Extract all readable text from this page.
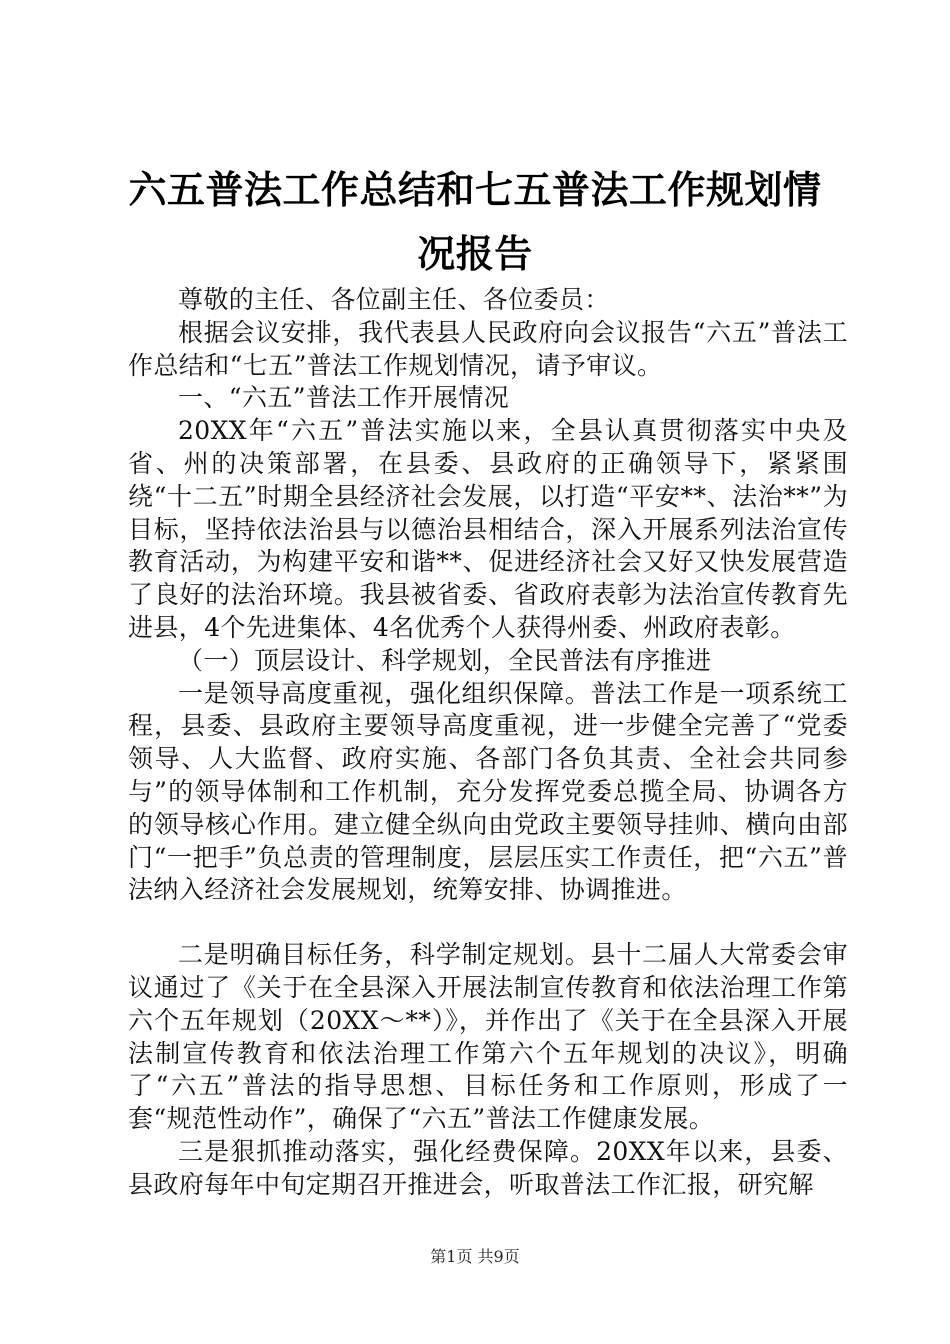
六五普法工作总结和七五普法工作规划情况报告

尊敬的主任、各位副主任、各位委员：

根据会议安排，我代表县人民政府向会议报告“六五”普法工作总结和“七五”普法工作规划情况，请予审议。

一、“六五”普法工作开展情况

20XX年“六五”普法实施以来，全县认真贯彻落实中央及省、州的决策部署，在县委、县政府的正确领导下，紧紧围绕“十二五”时期全县经济社会发展，以打造“平安**、法治**”为目标，坚持依法治县与以德治县相结合，深入开展系列法治宣传教育活动，为构建平安和谐**、促进经济社会又好又快发展营造了良好的法治环境。我县被省委、省政府表彰为法治宣传教育先进县，4个先进集体、4名优秀个人获得州委、州政府表彰。

（一）顶层设计、科学规划，全民普法有序推进

一是领导高度重视，强化组织保障。普法工作是一项系统工程，县委、县政府主要领导高度重视，进一步健全完善了“党委领导、人大监督、政府实施、各部门各负其责、全社会共同参与”的领导体制和工作机制，充分发挥党委总揽全局、协调各方的领导核心作用。建立健全纵向由党政主要领导挂帅、横向由部门“一把手”负总责的管理制度，层层压实工作责任，把“六五”普法纳入经济社会发展规划，统筹安排、协调推进。

二是明确目标任务，科学制定规划。县十二届人大常委会审议通过了《关于在全县深入开展法制宣传教育和依法治理工作第六个五年规划（20XX～**）》，并作出了《关于在全县深入开展法制宣传教育和依法治理工作第六个五年规划的决议》，明确了“六五”普法的指导思想、目标任务和工作原则，形成了一套“规范性动作”，确保了“六五”普法工作健康发展。

三是狠抓推动落实，强化经费保障。20XX年以来，县委、县政府每年中旬定期召开推进会，听取普法工作汇报，研究解

第1页 共9页
